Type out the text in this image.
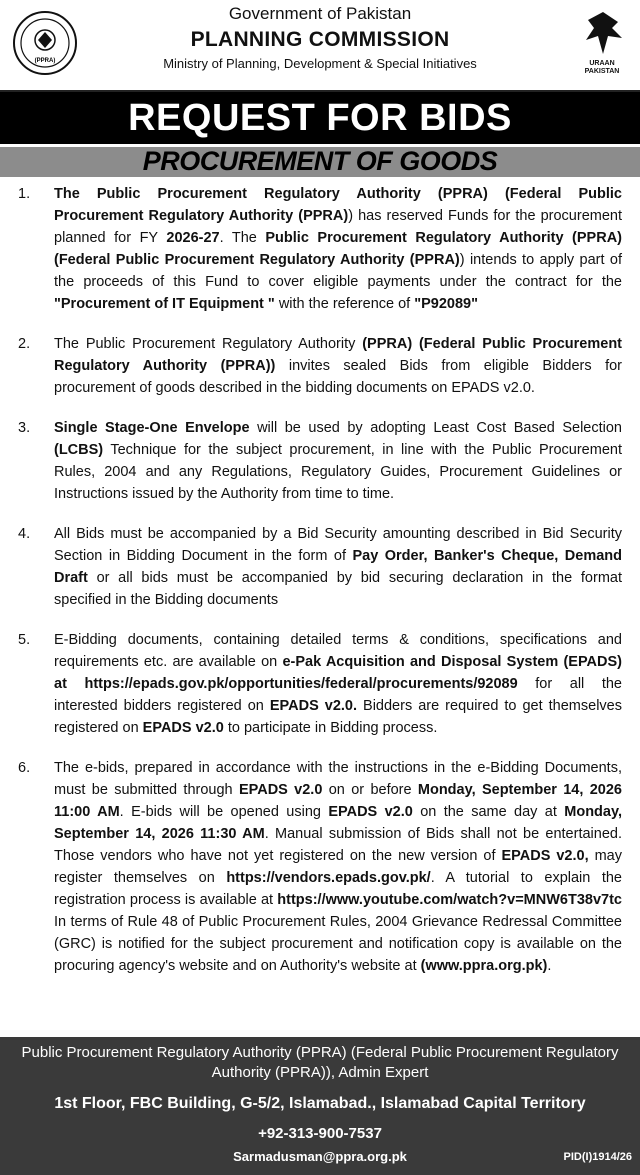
(PPRA)
Government of Pakistan
PLANNING COMMISSION
Ministry of Planning, Development & Special Initiatives	URAAN
PAKISTAN
REQUEST FOR BIDS
PROCUREMENT OF GOODS
1.	The Public Procurement Regulatory Authority (PPRA) (Federal Public Procurement Regulatory Authority (PPRA)) has reserved Funds for the procurement planned for FY 2026-27. The Public Procurement Regulatory Authority (PPRA) (Federal Public Procurement Regulatory Authority (PPRA)) intends to apply part of the proceeds of this Fund to cover eligible payments under the contract for the "Procurement of IT Equipment " with the reference of "P92089"
2.	The Public Procurement Regulatory Authority (PPRA) (Federal Public Procurement Regulatory Authority (PPRA)) invites sealed Bids from eligible Bidders for procurement of goods described in the bidding documents on EPADS v2.0.
3.	Single Stage-One Envelope will be used by adopting Least Cost Based Selection (LCBS) Technique for the subject procurement, in line with the Public Procurement Rules, 2004 and any Regulations, Regulatory Guides, Procurement Guidelines or Instructions issued by the Authority from time to time.
4.	All Bids must be accompanied by a Bid Security amounting described in Bid Security Section in Bidding Document in the form of Pay Order, Banker's Cheque, Demand Draft or all bids must be accompanied by bid securing declaration in the format specified in the Bidding documents
5.	E-Bidding documents, containing detailed terms & conditions, specifications and requirements etc. are available on e-Pak Acquisition and Disposal System (EPADS) at https://epads.gov.pk/opportunities/federal/procurements/92089 for all the interested bidders registered on EPADS v2.0. Bidders are required to get themselves registered on EPADS v2.0 to participate in Bidding process.
6.	The e-bids, prepared in accordance with the instructions in the e-Bidding Documents, must be submitted through EPADS v2.0 on or before Monday, September 14, 2026 11:00 AM. E-bids will be opened using EPADS v2.0 on the same day at Monday, September 14, 2026 11:30 AM. Manual submission of Bids shall not be entertained. Those vendors who have not yet registered on the new version of EPADS v2.0, may register themselves on https://vendors.epads.gov.pk/. A tutorial to explain the registration process is available at https://www.youtube.com/watch?v=MNW6T38v7tc In terms of Rule 48 of Public Procurement Rules, 2004 Grievance Redressal Committee (GRC) is notified for the subject procurement and notification copy is available on the procuring agency's website and on Authority's website at (www.ppra.org.pk).
Public Procurement Regulatory Authority (PPRA) (Federal Public Procurement Regulatory Authority (PPRA)), Admin Expert
1st Floor, FBC Building, G-5/2, Islamabad., Islamabad Capital Territory
+92-313-900-7537
Sarmadusman@ppra.org.pk	PID(I)1914/26
